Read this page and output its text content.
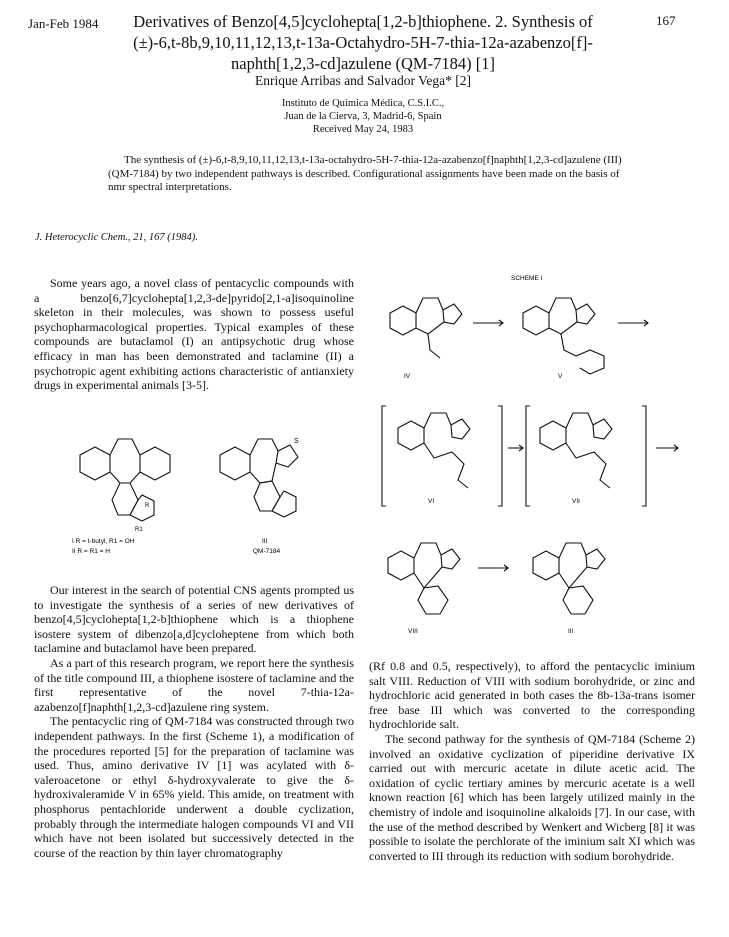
Jan-Feb 1984	167
Derivatives of Benzo[4,5]cyclohepta[1,2-b]thiophene. 2. Synthesis of (±)-6,t-8b,9,10,11,12,13,t-13a-Octahydro-5H-7-thia-12a-azabenzo[f]-naphth[1,2,3-cd]azulene (QM-7184) [1]
Enrique Arribas and Salvador Vega* [2]
Instituto de Química Médica, C.S.I.C.,
Juan de la Cierva, 3, Madrid-6, Spain
Received May 24, 1983
The synthesis of (±)-6,t-8,9,10,11,12,13,t-13a-octahydro-5H-7-thia-12a-azabenzo[f]naphth[1,2,3-cd]azulene (III) (QM-7184) by two independent pathways is described. Configurational assignments have been made on the basis of nmr spectral interpretations.
J. Heterocyclic Chem., 21, 167 (1984).

Some years ago, a novel class of pentacyclic compounds with a benzo[6,7]cyclohepta[1,2,3-de]pyrido[2,1-a]isoquinoline skeleton in their molecules, was shown to possess useful psychopharmacological properties. Typical examples of these compounds are butaclamol (I) an antipsychotic drug whose efficacy in man has been demonstrated and taclamine (II) a psychotropic agent exhibiting actions characteristic of antianxiety drugs in experimental animals [3-5].

R
R1
S
I R = t-butyl, R1 = OH
II R = R1 = H
III
QM-7184

Our interest in the search of potential CNS agents prompted us to investigate the synthesis of a series of new derivatives of benzo[4,5]cyclohepta[1,2-b]thiophene which is a thiophene isostere system of dibenzo[a,d]cycloheptene from which both taclamine and butaclamol have been prepared.

As a part of this research program, we report here the synthesis of the title compound III, a thiophene isostere of taclamine and the first representative of the novel 7-thia-12a-azabenzo[f]naphth[1,2,3-cd]azulene ring system.

The pentacyclic ring of QM-7184 was constructed through two independent pathways. In the first (Scheme 1), a modification of the procedures reported [5] for the preparation of taclamine was used. Thus, amino derivative IV [1] was acylated with δ-valeroacetone or ethyl δ-hydroxyvalerate to give the δ-hydroxivaleramide V in 65% yield. This amide, on treatment with phosphorus pentachloride underwent a double cyclization, probably through the intermediate halogen compounds VI and VII which have not been isolated but successively detected in the course of the reaction by thin layer chromatography

SCHEME I
IV	V
VI	VII
VIII	III

(Rf 0.8 and 0.5, respectively), to afford the pentacyclic iminium salt VIII. Reduction of VIII with sodium borohydride, or zinc and hydrochloric acid generated in both cases the 8b-13a-trans isomer free base III which was converted to the corresponding hydrochloride salt.

The second pathway for the synthesis of QM-7184 (Scheme 2) involved an oxidative cyclization of piperidine derivative IX carried out with mercuric acetate in dilute acetic acid. The oxidation of cyclic tertiary amines by mercuric acetate is a well known reaction [6] which has been largely utilized mainly in the chemistry of indole and isoquinoline alkaloids [7]. In our case, with the use of the method described by Wenkert and Wicberg [8] it was possible to isolate the perchlorate of the iminium salt XI which was converted to III through its reduction with sodium borohydride.
